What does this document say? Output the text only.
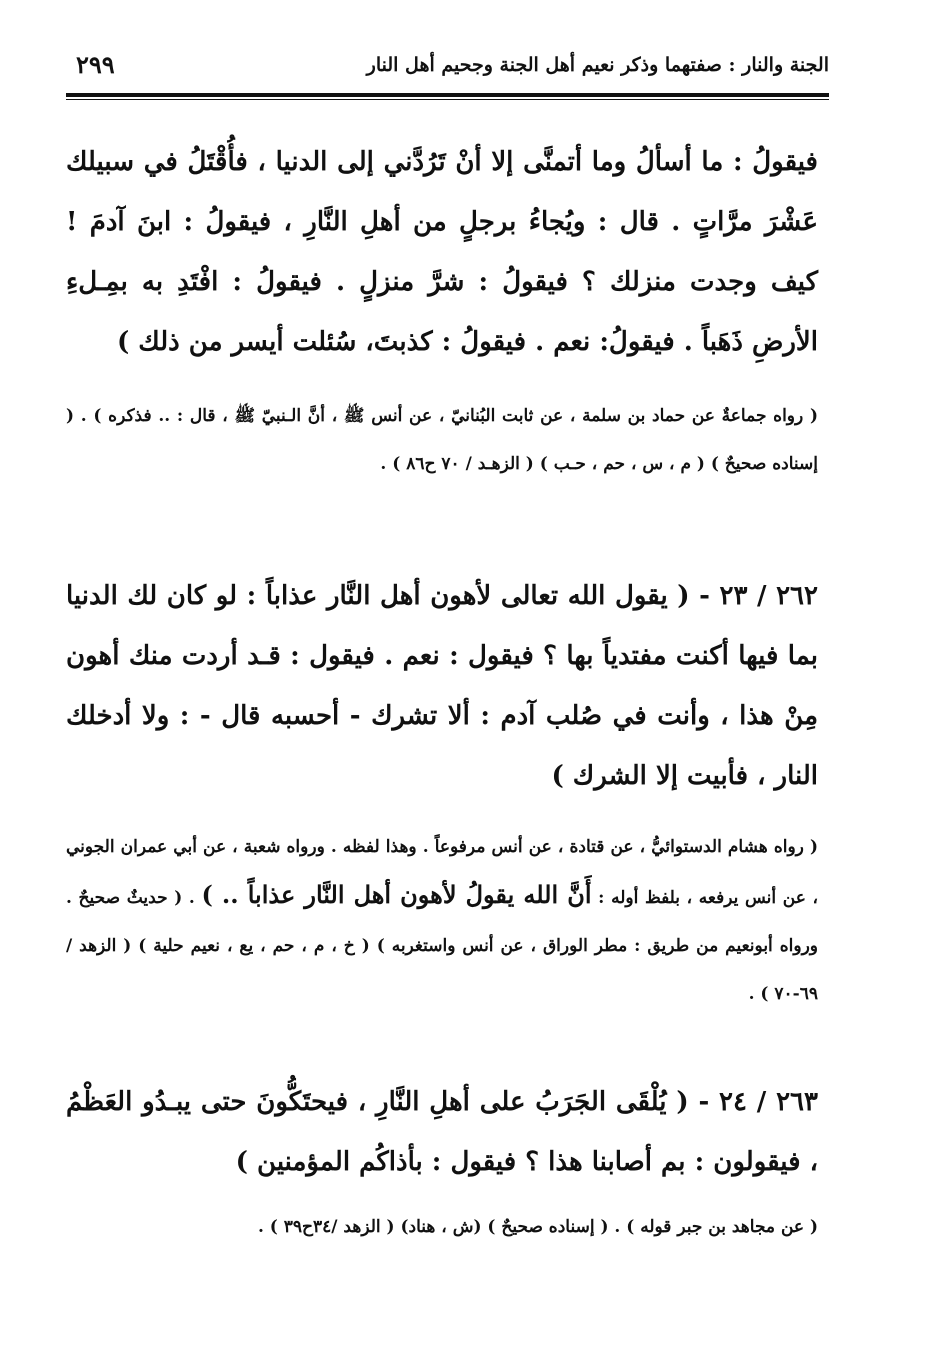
الجنة والنار : صفتهما وذكر نعيم أهل الجنة وجحيم أهل النار
٢٩٩
فيقولُ : ما أسألُ وما أتمنَّى إلا أنْ تَرُدَّني إلى الدنيا ، فأُقْتَلُ في سبيلك عَشْرَ مرَّاتٍ . قال : ويُجاءُ برجلٍ من أهلِ النَّارِ ، فيقولُ : ابنَ آدمَ ! كيف وجدت منزلك ؟ فيقولُ : شرَّ منزلٍ . فيقولُ : افْتَدِ به بمِـلءِ الأرضِ ذَهَباً . فيقولُ: نعم . فيقولُ : كذبتَ، سُئلت أيسر من ذلك )
( رواه جماعةٌ عن حماد بن سلمة ، عن ثابت البُنانيّ ، عن أنس ﷺ ، أنَّ الـنبيّ ﷺ ، قال : .. فذكره ) . ( إسناده صحيحٌ ) ( م ، س ، حم ، حـب ) ( الزهـد / ٧٠ ح٨٦ ) .
٢٦٢ / ٢٣ - ( يقول الله تعالى لأهون أهل النَّار عذاباً : لو كان لك الدنيا بما فيها أكنت مفتدياً بها ؟ فيقول : نعم . فيقول : قـد أردت منك أهون مِنْ هذا ، وأنت في صُلب آدم : ألا تشرك - أحسبه قال - : ولا أدخلك النار ، فأبيت إلا الشرك )
( رواه هشام الدستوائيُّ ، عن قتادة ، عن أنس مرفوعاً . وهذا لفظه . ورواه شعبة ، عن أبي عمران الجوني ، عن أنس يرفعه ، بلفظ أوله : أَنَّ الله يقولُ لأهون أهل النَّار عذاباً .. ) . ( حديثٌ صحيحٌ . ورواه أبونعيم من طريق : مطر الوراق ، عن أنس واستغربه ) ( خ ، م ، حم ، يع ، نعيم حلية ) ( الزهد / ٦٩-٧٠ ) .
٢٦٣ / ٢٤ - ( يُلْقَى الجَرَبُ على أهلِ النَّارِ ، فيحتَكُّونَ حتى يبـدُو العَظْمُ ، فيقولون : بم أصابنا هذا ؟ فيقول : بأذاكُم المؤمنين )
( عن مجاهد بن جبر قوله ) . ( إسناده صحيحٌ ) (ش ، هناد) ( الزهد /٣٤ح٣٩ ) .
